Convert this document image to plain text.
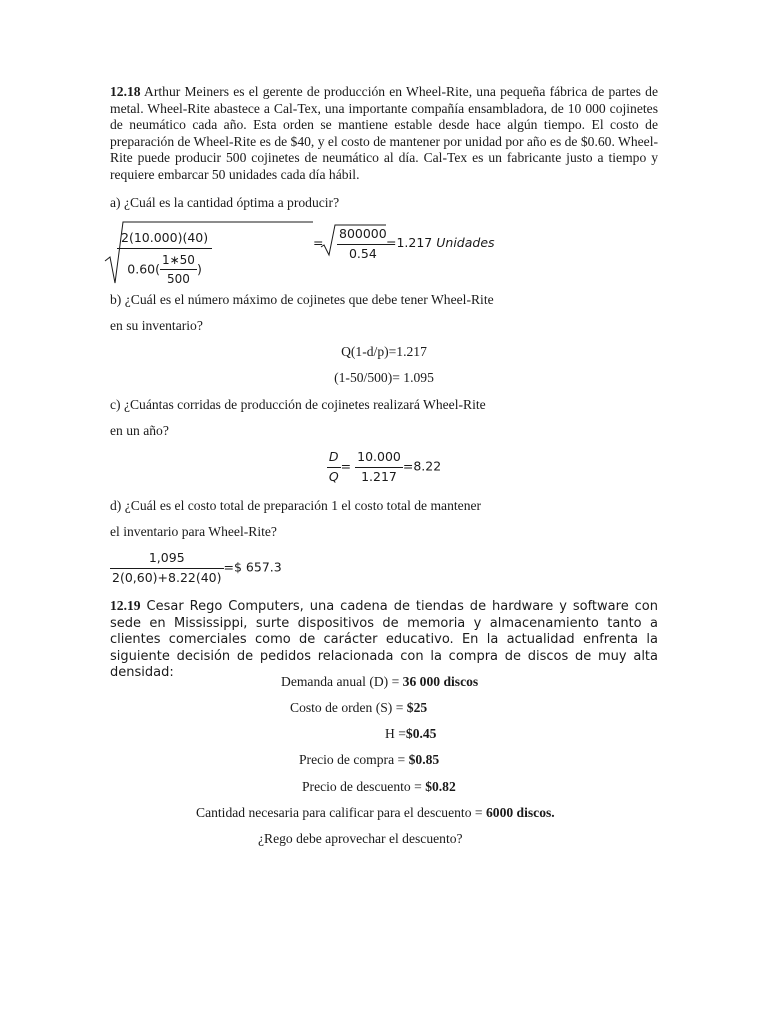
12.18 Arthur Meiners es el gerente de producción en Wheel-Rite, una pequeña fábrica de partes de metal. Wheel-Rite abastece a Cal-Tex, una importante compañía ensambladora, de 10 000 cojinetes de neumático cada año. Esta orden se mantiene estable desde hace algún tiempo. El costo de preparación de Wheel-Rite es de $40, y el costo de mantener por unidad por año es de $0.60. Wheel-Rite puede producir 500 cojinetes de neumático al día. Cal-Tex es un fabricante justo a tiempo y requiere embarcar 50 unidades cada día hábil.
a) ¿Cuál es la cantidad óptima a producir?
$\frac{2(10.000)(40)}{0.60( \frac{1∗50}{500} )}$	= $\frac{800000}{0.54}$
=1.217 Unidades
b) ¿Cuál es el número máximo de cojinetes que debe tener Wheel-Rite
en su inventario?
Q(1-d/p)=1.217
(1-50/500)= 1.095
c) ¿Cuántas corridas de producción de cojinetes realizará Wheel-Rite
en un año?
$\frac{D}{Q} = \frac{10.000}{1.217} =8.22$
d) ¿Cuál es el costo total de preparación 1 el costo total de mantener
el inventario para Wheel-Rite?
$\frac{1,095}{2(0,60)+8.22(40)}$ =$ 657.3
12.19 Cesar Rego Computers, una cadena de tiendas de hardware y software con sede en Mississippi, surte dispositivos de memoria y almacenamiento tanto a clientes comerciales como de carácter educativo. En la actualidad enfrenta la siguiente decisión de pedidos relacionada con la compra de discos de muy alta densidad:
Demanda anual (D) = 36 000 discos
Costo de orden (S) = $25
H =$0.45
Precio de compra = $0.85
Precio de descuento = $0.82
Cantidad necesaria para calificar para el descuento = 6000 discos.
¿Rego debe aprovechar el descuento?
